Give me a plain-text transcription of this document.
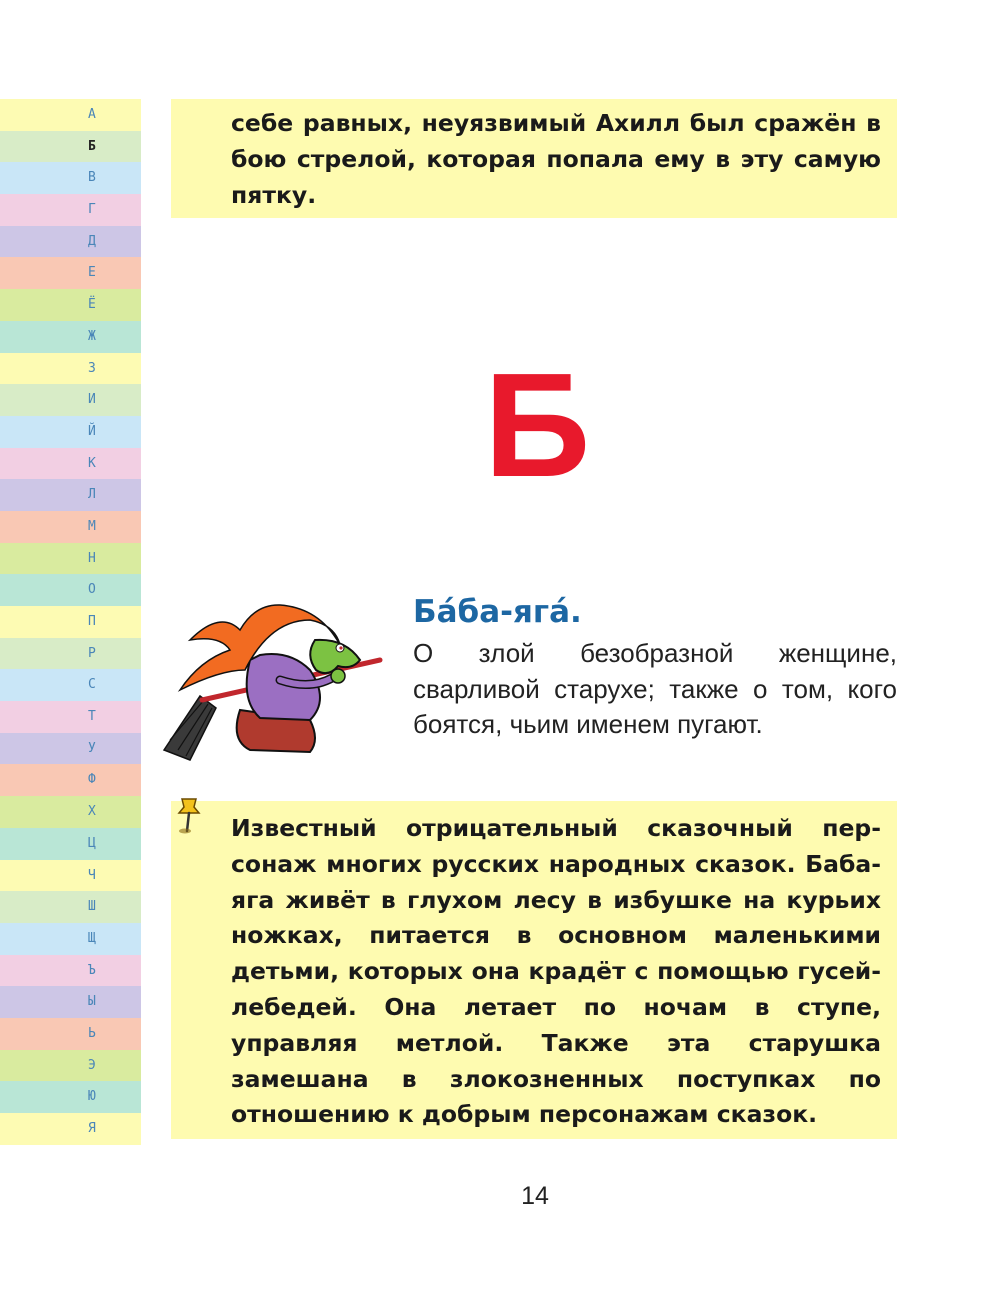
А
Б
В
Г
Д
Е
Ё
Ж
З
И
Й
К
Л
М
Н
О
П
Р
С
Т
У
Ф
Х
Ц
Ч
Ш
Щ
Ъ
Ы
Ь
Э
Ю
Я

себе равных, неуязвимый Ахилл был сражён в бою стрелой, которая попала ему в эту самую пятку.

Б

Ба́ба-яга́.

О злой безобразной женщине, сварливой старухе; также о том, кого боятся, чьим именем пугают.

Известный отрицательный сказочный персонаж многих русских народных сказок. Баба-яга живёт в глухом лесу в избушке на курьих ножках, питается в основном маленькими детьми, которых она крадёт с помощью гусей-лебедей. Она летает по ночам в ступе, управляя метлой. Также эта старушка замешана в злокозненных поступках по отношению к добрым персонажам сказок.

14
